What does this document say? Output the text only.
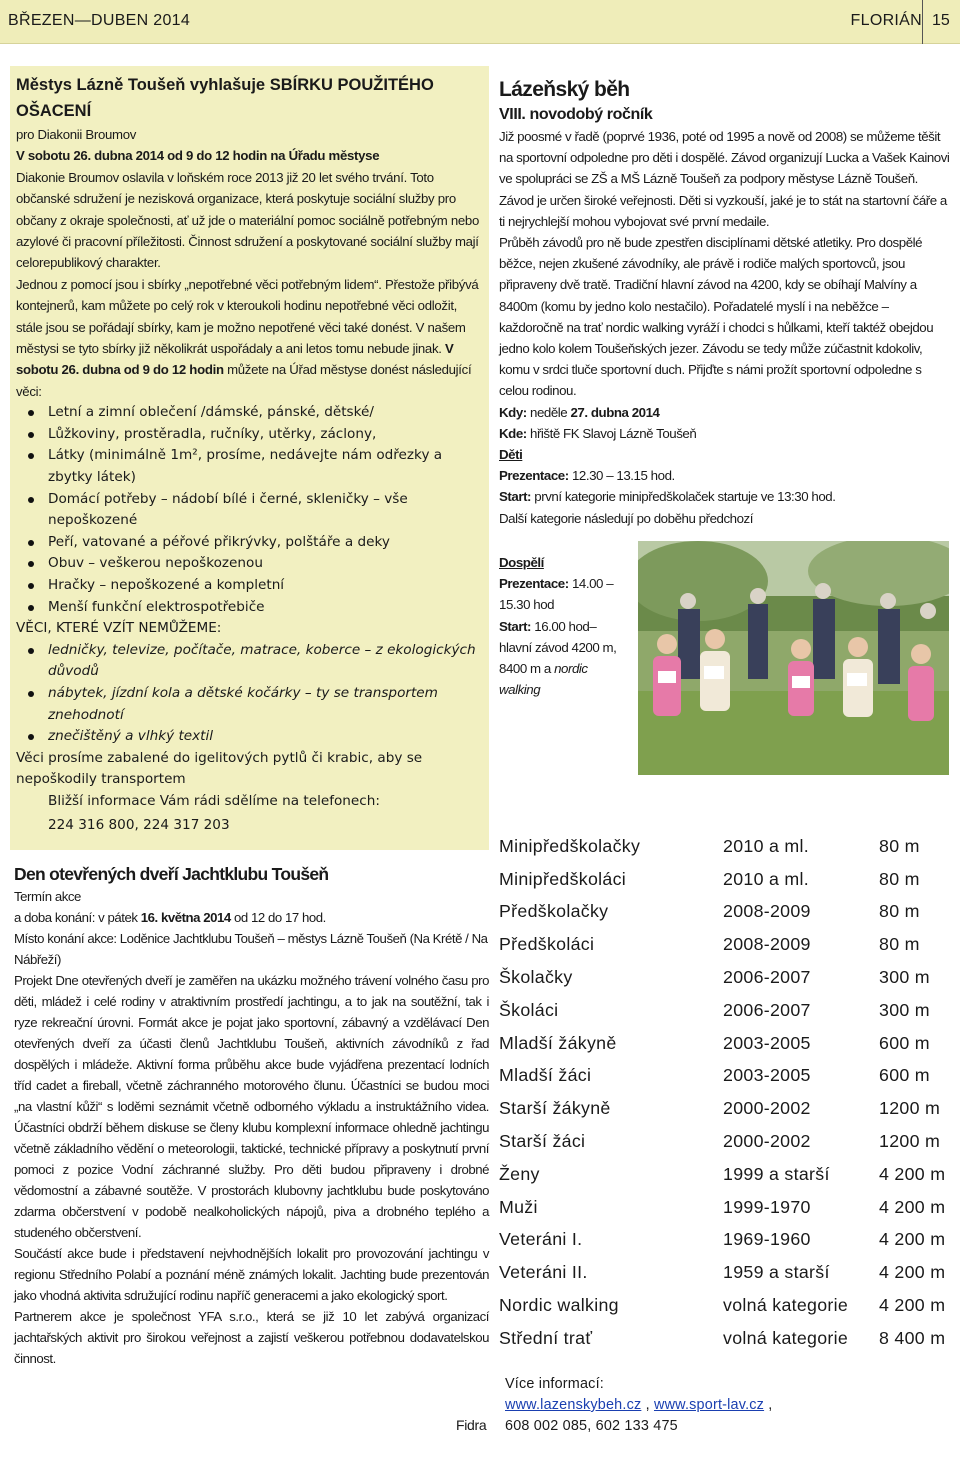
BŘEZEN—DUBEN 2014	FLORIÁN 15
Městys Lázně Toušeň vyhlašuje SBÍRKU POUŽITÉHO OŠACENÍ
pro Diakonii Broumov
V sobotu 26. dubna 2014 od 9 do 12 hodin na Úřadu městyse
Diakonie Broumov oslavila v loňském roce 2013 již 20 let svého trvání. Toto občanské sdružení je nezisková organizace, která poskytuje sociální služby pro občany z okraje společnosti, ať už jde o materiální pomoc sociálně potřebným nebo azylové či pracovní příležitosti. Činnost sdružení a poskytované sociální služby mají celorepublikový charakter.
Jednou z pomocí jsou i sbírky „nepotřebné věci potřebným lidem“. Přestože přibývá kontejnerů, kam můžete po celý rok v kteroukoli hodinu nepotřebné věci odložit, stále jsou se pořádají sbírky, kam je možno nepotřené věci také donést. V našem městysi se tyto sbírky již několikrát uspořádaly a ani letos tomu nebude jinak. V sobotu 26. dubna od 9 do 12 hodin můžete na Úřad městyse donést následující věci:
Letní a zimní oblečení /dámské, pánské, dětské/
Lůžkoviny, prostěradla, ručníky, utěrky, záclony,
Látky (minimálně 1m², prosíme, nedávejte nám odřezky a zbytky látek)
Domácí potřeby – nádobí bílé i černé, skleničky – vše nepoškozené
Peří, vatované a péřové přikrývky, polštáře a deky
Obuv – veškerou nepoškozenou
Hračky – nepoškozené a kompletní
Menší funkční elektrospotřebiče
VĚCI, KTERÉ VZÍT NEMŮŽEME:
ledničky, televize, počítače, matrace, koberce – z ekologických důvodů
nábytek, jízdní kola a dětské kočárky – ty se transportem znehodnotí
znečištěný a vlhký textil
Věci prosíme zabalené do igelitových pytlů či krabic, aby se nepoškodily transportem
Bližší informace Vám rádi sdělíme na telefonech:
224 316 800, 224 317 203
Lázeňský běh
VIII. novodobý ročník
Již poosmé v řadě (poprvé 1936, poté od 1995 a nově od 2008) se můžeme těšit na sportovní odpoledne pro děti i dospělé. Závod organizují Lucka a Vašek Kainovi ve spolupráci se ZŠ a MŠ Lázně Toušeň za podpory městyse Lázně Toušeň. Závod je určen široké veřejnosti. Děti si vyzkouší, jaké je to stát na startovní čáře a ti nejrychlejší mohou vybojovat své první medaile.
Průběh závodů pro ně bude zpestřen disciplínami dětské atletiky. Pro dospělé běžce, nejen zkušené závodníky, ale právě i rodiče malých sportovců, jsou připraveny dvě tratě. Tradiční hlavní závod na 4200, kdy se obíhají Malvíny a 8400m (komu by jedno kolo nestačilo). Pořadatelé myslí i na neběžce – každoročně na trať nordic walking vyráží i chodci s hůlkami, kteří taktéž obejdou jedno kolo kolem Toušeňských jezer. Závodu se tedy může zúčastnit kdokoliv, komu v srdci tluče sportovní duch. Přijďte s námi prožít sportovní odpoledne s celou rodinou.
Kdy: neděle 27. dubna 2014
Kde: hřiště FK Slavoj Lázně Toušeň
Děti
Prezentace: 12.30 – 13.15 hod.
Start: první kategorie minipředškolaček startuje ve 13:30 hod.
Další kategorie následují po doběhu předchozí
Dospělí
Prezentace: 14.00 – 15.30 hod
Start: 16.00 hod– hlavní závod 4200 m, 8400 m a nordic walking
Minipředškolačky	2010 a ml.	80 m
Minipředškoláci	2010 a ml.	80 m
Předškolačky	2008-2009	80 m
Předškoláci	2008-2009	80 m
Školačky	2006-2007	300 m
Školáci	2006-2007	300 m
Mladší žákyně	2003-2005	600 m
Mladší žáci	2003-2005	600 m
Starší žákyně	2000-2002	1200 m
Starší žáci	2000-2002	1200 m
Ženy	1999 a starší	4 200 m
Muži	1999-1970	4 200 m
Veteráni I.	1969-1960	4 200 m
Veteráni II.	1959 a starší	4 200 m
Nordic walking	volná kategorie	4 200 m
Střední trať	volná kategorie	8 400 m
Více informací:
www.lazenskybeh.cz , www.sport-lav.cz ,
608 002 085, 602 133 475
Den otevřených dveří Jachtklubu Toušeň
Termín akce
a doba konání: v pátek 16. května 2014 od 12 do 17 hod.
Místo konání akce: Loděnice Jachtklubu Toušeň – městys Lázně Toušeň (Na Krétě / Na Nábřeží)
Projekt Dne otevřených dveří je zaměřen na ukázku možného trávení volného času pro děti, mládež i celé rodiny v atraktivním prostředí jachtingu, a to jak na soutěžní, tak i ryze rekreační úrovni. Formát akce je pojat jako sportovní, zábavný a vzdělávací Den otevřených dveří za účasti členů Jachtklubu Toušeň, aktivních závodníků z řad dospělých i mládeže. Aktivní forma průběhu akce bude vyjádřena prezentací lodních tříd cadet a fireball, včetně záchranného motorového člunu. Účastníci se budou moci „na vlastní kůži“ s loděmi seznámit včetně odborného výkladu a instruktážního videa. Účastníci obdrží během diskuse se členy klubu komplexní informace ohledně jachtingu včetně základního vědění o meteorologii, taktické, technické přípravy a poskytnutí první pomoci z pozice Vodní záchranné služby. Pro děti budou připraveny i drobné vědomostní a zábavné soutěže. V prostorách klubovny jachtklubu bude poskytováno zdarma občerstvení v podobě nealkoholických nápojů, piva a drobného teplého a studeného občerstvení.
Součástí akce bude i představení nejvhodnějších lokalit pro provozování jachtingu v regionu Středního Polabí a poznání méně známých lokalit. Jachting bude prezentován jako vhodná aktivita sdružující rodinu napříč generacemi a jako ekologický sport.
Partnerem akce je společnost YFA s.r.o., která se již 10 let zabývá organizací jachtařských aktivit pro širokou veřejnost a zajistí veškerou potřebnou dodavatelskou činnost.
Fidra
